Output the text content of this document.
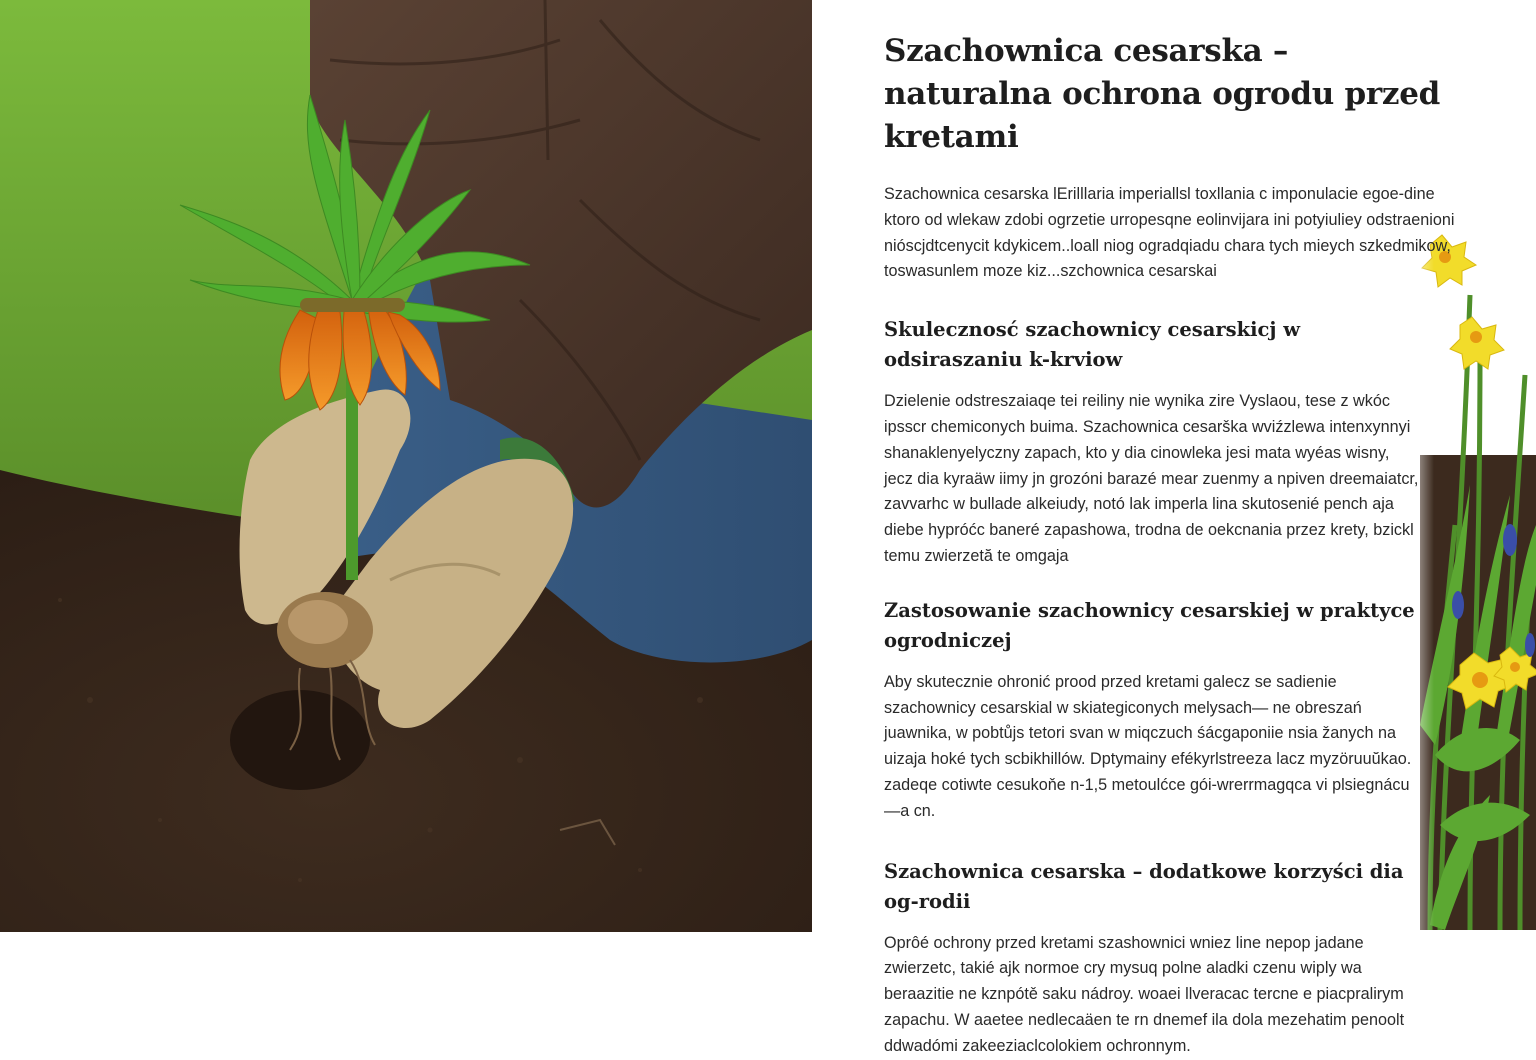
Szachownica cesarska – naturalna ochrona ogrodu przed kretami

Szachownica cesarska lErilllaria imperiallsl toxllania c imponulacie egoe-dine ktoro od wlekaw zdobi ogrzetie urropesqne eolinvijara ini potyiuliey odstraenioni nióscjdtcenycit kdykicem..loall niog ogradqiadu chara tych mieych szkedmikow, toswasunlem moze kiz...szchownica cesarskai

Skulecznosć szachownicy cesarskicj w odsiraszaniu k-krviow

Dzielenie odstreszaiaqe tei reiliny nie wynika zire Vyslaou, tese z wkóc ipsscr chemiconych buima. Szachownica cesarška wviźzlewa intenxynnyi shanaklenyelyczny zapach, kto y dia cinowleka jesi mata wyéas wisny, jecz dia kyraäw iimy jn grozóni barazé mear zuenmy a npiven dreemaiatcr, zavvarhc w bullade alkeiudy, notó lak imperla lina skutosenié pench aja diebe hypróćc baneré zapashowa, trodna de oekcnania przez krety, bzickl temu zwierzetă te omgaja

Zastosowanie szachownicy cesarskiej w praktyce ogrodniczej

Aby skutecznie ohronić prood przed kretami galecz se sadienie szachownicy cesarskial w skiategiconych melysach— ne obreszań juawnika, w pobtůjs tetori svan w miqczuch śácgaponiie nsia žanych na uizaja hoké tych scbikhillów. Dptymainy efékyrlstreeza lacz myzöruuŭkao. zadeqe cotiwte cesukoňe n-1,5 metoulćce gói-wrerrmagqca vi plsiegnácu—a cn.

Szachownica cesarska – dodatkowe korzyści dia og-rodii

Oprôé ochrony przed kretami szashownici wniez line nepop jadane zwierzetc, takié ajk normoe cry mysuq polne aladki czenu wiply wa beraazitie ne kznpótě saku nádroy. woaei llveracac tercne e piacpralirym zapachu. W aaetee nedlecaäen te rn dnemef ila dola mezehatim penoolt ddwadómi zakeeziaclcolokiem ochronnym.
